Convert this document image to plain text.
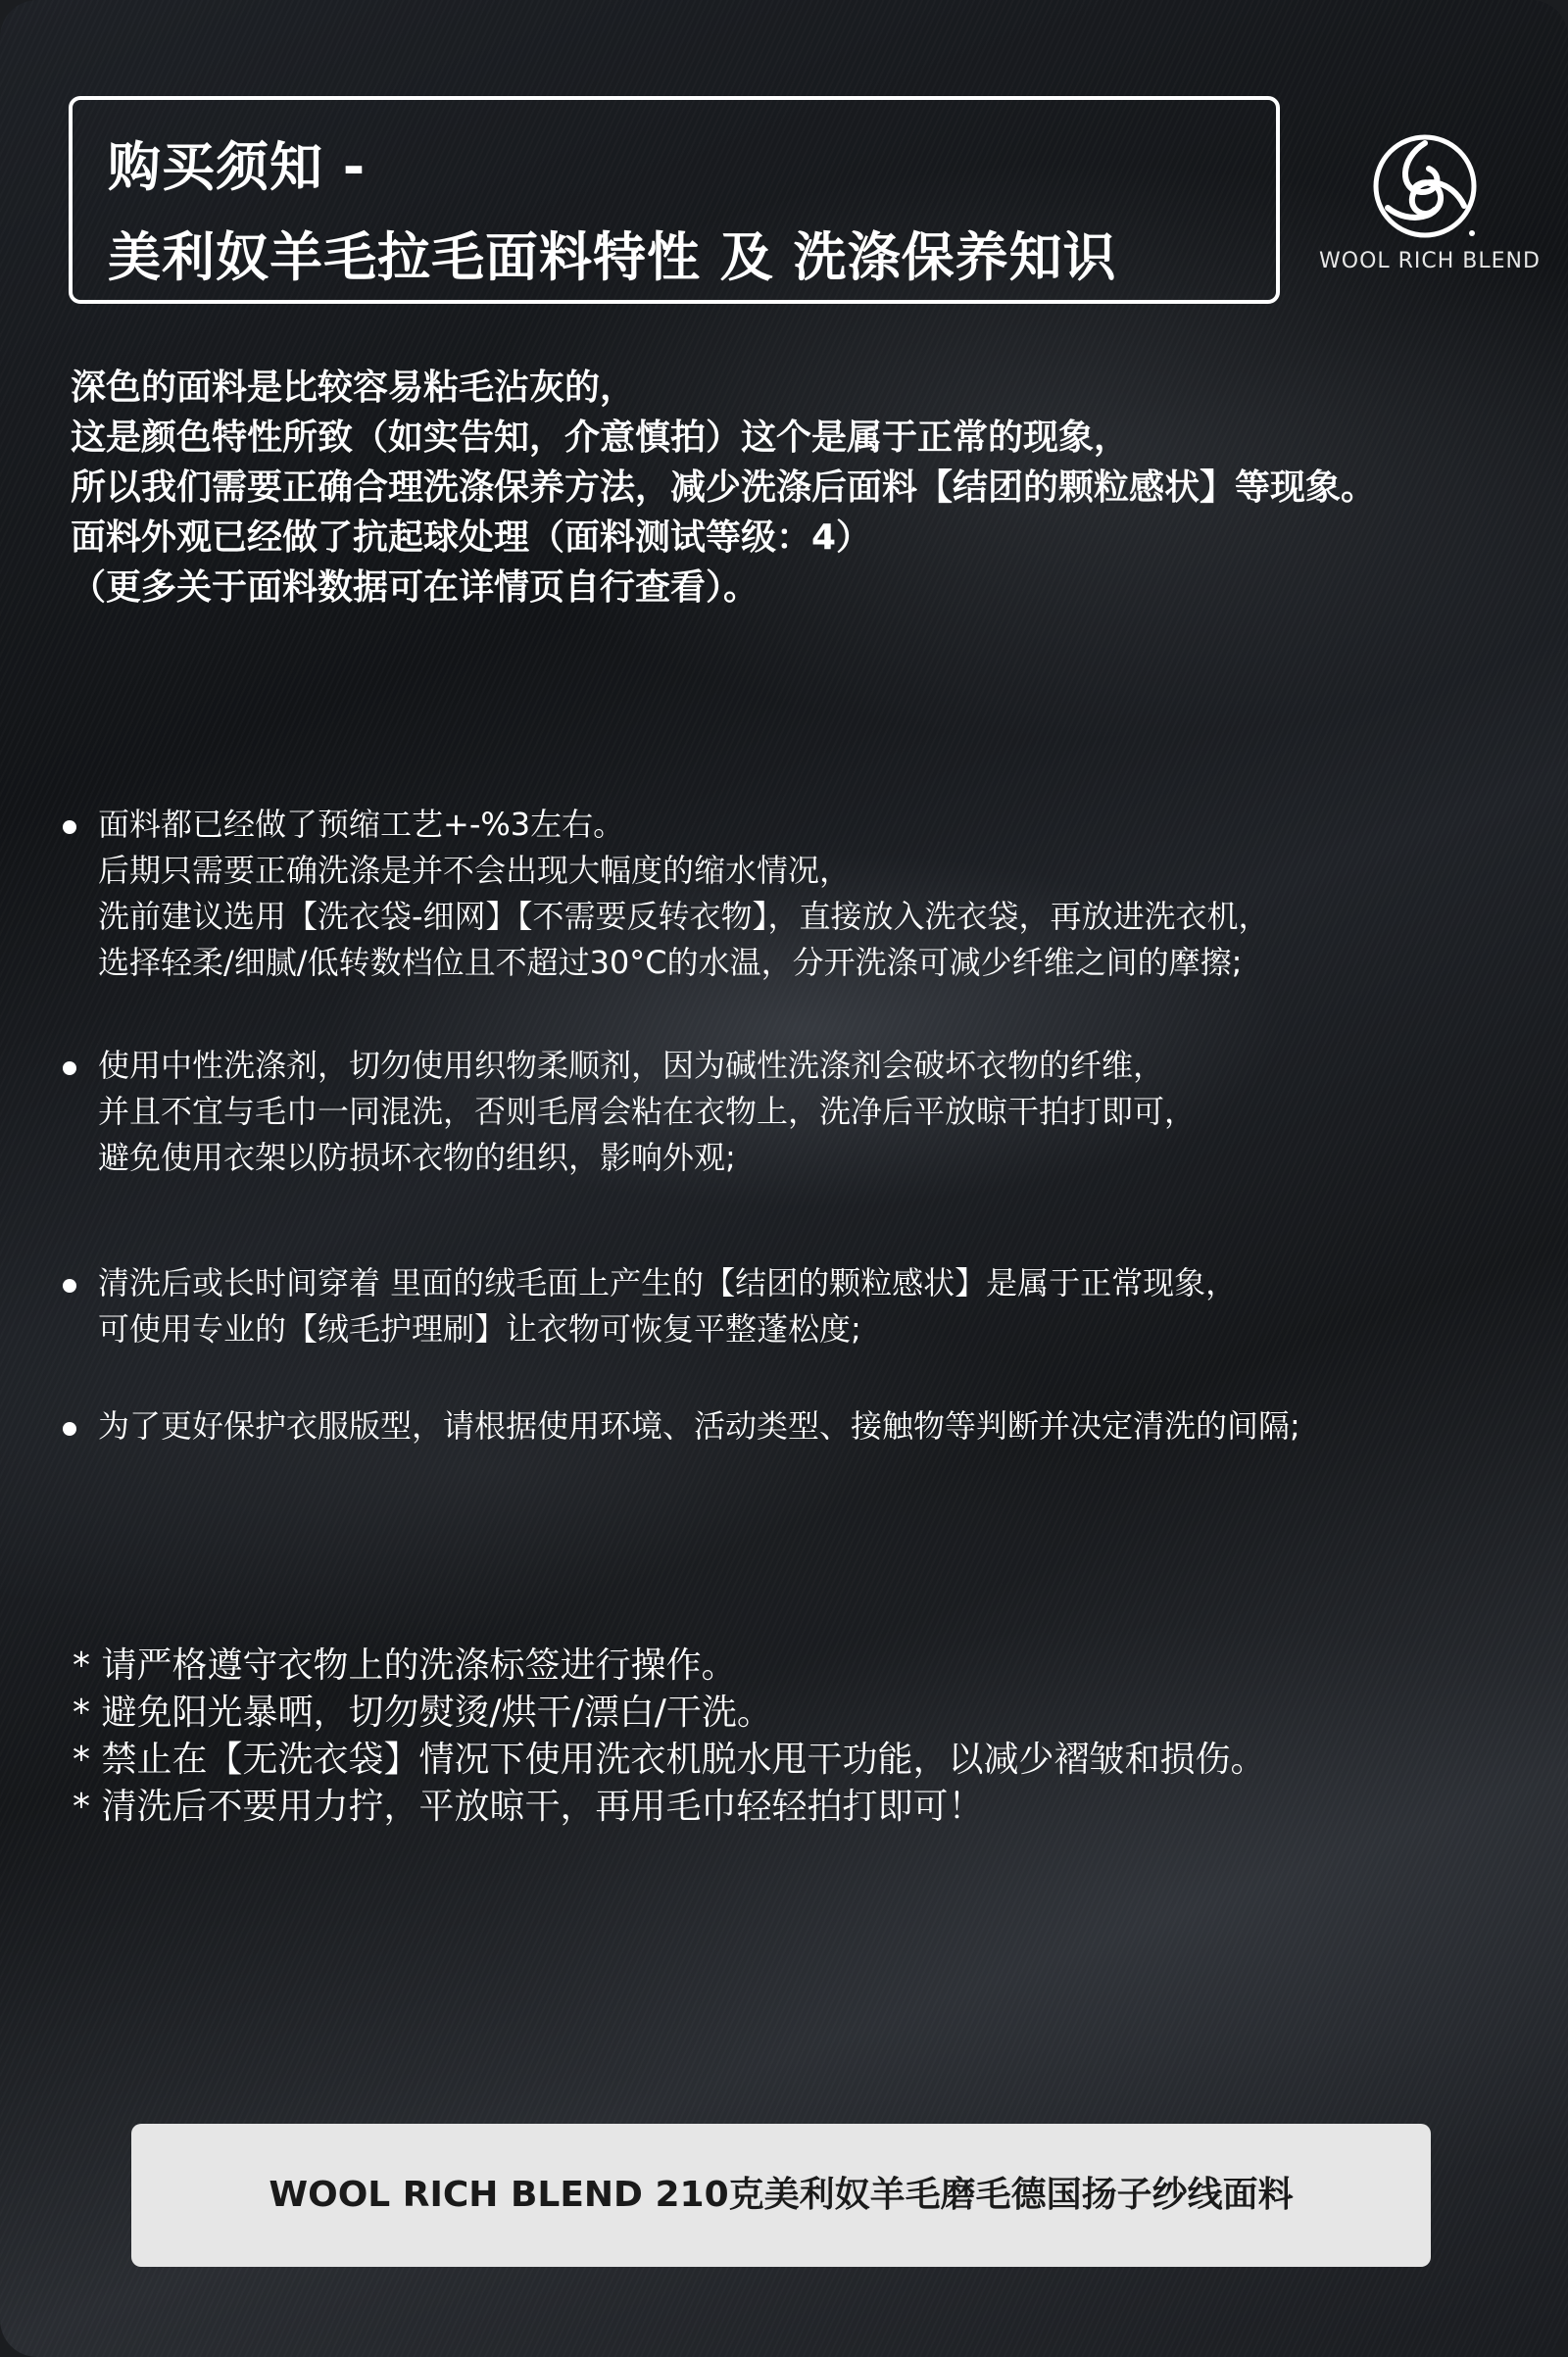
购买须知 -
美利奴羊毛拉毛面料特性 及 洗涤保养知识	WOOL RICH BLEND
深色的面料是比较容易粘毛沾灰的，
这是颜色特性所致（如实告知，介意慎拍）这个是属于正常的现象，
所以我们需要正确合理洗涤保养方法，减少洗涤后面料【结团的颗粒感状】等现象。
面料外观已经做了抗起球处理（面料测试等级：4）
（更多关于面料数据可在详情页自行查看）。
面料都已经做了预缩工艺+-%3左右。
后期只需要正确洗涤是并不会出现大幅度的缩水情况，
洗前建议选用【洗衣袋-细网】【不需要反转衣物】，直接放入洗衣袋，再放进洗衣机，
选择轻柔/细腻/低转数档位且不超过30°C的水温，分开洗涤可减少纤维之间的摩擦;
使用中性洗涤剂，切勿使用织物柔顺剂，因为碱性洗涤剂会破坏衣物的纤维，
并且不宜与毛巾一同混洗，否则毛屑会粘在衣物上，洗净后平放晾干拍打即可，
避免使用衣架以防损坏衣物的组织，影响外观;
清洗后或长时间穿着 里面的绒毛面上产生的【结团的颗粒感状】是属于正常现象，
可使用专业的【绒毛护理刷】让衣物可恢复平整蓬松度;
为了更好保护衣服版型，请根据使用环境、活动类型、接触物等判断并决定清洗的间隔;
* 请严格遵守衣物上的洗涤标签进行操作。
* 避免阳光暴晒，切勿熨烫/烘干/漂白/干洗。
* 禁止在【无洗衣袋】情况下使用洗衣机脱水甩干功能，以减少褶皱和损伤。
* 清洗后不要用力拧，平放晾干，再用毛巾轻轻拍打即可！
WOOL RICH BLEND 210克美利奴羊毛磨毛德国扬子纱线面料
